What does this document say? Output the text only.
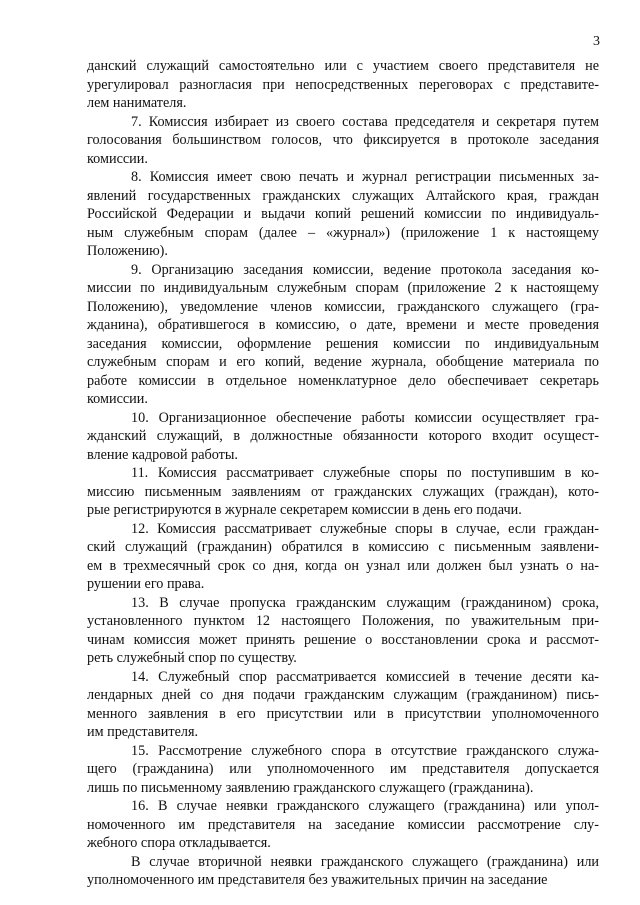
3
данский служащий самостоятельно или с участием своего представителя не
урегулировал разногласия при непосредственных переговорах с представите-
лем нанимателя.
7. Комиссия избирает из своего состава председателя и секретаря путем
голосования большинством голосов, что фиксируется в протоколе заседания
комиссии.
8. Комиссия имеет свою печать и журнал регистрации письменных за-
явлений государственных гражданских служащих Алтайского края, граждан
Российской Федерации и выдачи копий решений комиссии по индивидуаль-
ным служебным спорам (далее – «журнал») (приложение 1 к настоящему
Положению).
9. Организацию заседания комиссии, ведение протокола заседания ко-
миссии по индивидуальным служебным спорам (приложение 2 к настоящему
Положению), уведомление членов комиссии, гражданского служащего (гра-
жданина), обратившегося в комиссию, о дате, времени и месте проведения
заседания комиссии, оформление решения комиссии по индивидуальным
служебным спорам и его копий, ведение журнала, обобщение материала по
работе комиссии в отдельное номенклатурное дело обеспечивает секретарь
комиссии.
10. Организационное обеспечение работы комиссии осуществляет гра-
жданский служащий, в должностные обязанности которого входит осущест-
вление кадровой работы.
11. Комиссия рассматривает служебные споры по поступившим в ко-
миссию письменным заявлениям от гражданских служащих (граждан), кото-
рые регистрируются в журнале секретарем комиссии в день его подачи.
12. Комиссия рассматривает служебные споры в случае, если граждан-
ский служащий (гражданин) обратился в комиссию с письменным заявлени-
ем в трехмесячный срок со дня, когда он узнал или должен был узнать о на-
рушении его права.
13. В случае пропуска гражданским служащим (гражданином) срока,
установленного пунктом 12 настоящего Положения, по уважительным при-
чинам комиссия может принять решение о восстановлении срока и рассмот-
реть служебный спор по существу.
14. Служебный спор рассматривается комиссией в течение десяти ка-
лендарных дней со дня подачи гражданским служащим (гражданином) пись-
менного заявления в его присутствии или в присутствии уполномоченного
им представителя.
15. Рассмотрение служебного спора в отсутствие гражданского служа-
щего (гражданина) или уполномоченного им представителя допускается
лишь по письменному заявлению гражданского служащего (гражданина).
16. В случае неявки гражданского служащего (гражданина) или упол-
номоченного им представителя на заседание комиссии рассмотрение слу-
жебного спора откладывается.
В случае вторичной неявки гражданского служащего (гражданина) или
уполномоченного им представителя без уважительных причин на заседание
